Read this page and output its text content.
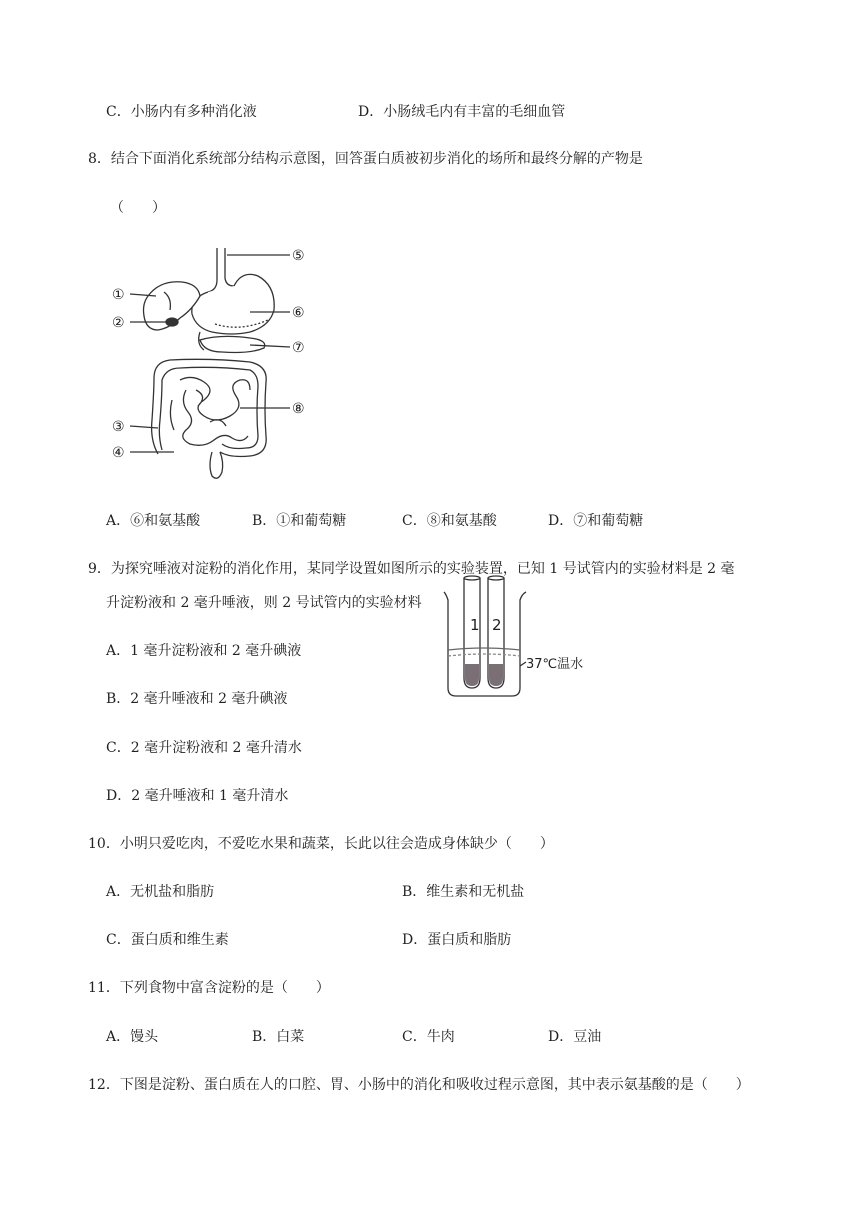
C．小肠内有多种消化液	D．小肠绒毛内有丰富的毛细血管
8．结合下面消化系统部分结构示意图，回答蛋白质被初步消化的场所和最终分解的产物是
（　　）
⑤
①
②
⑥
⑦
⑧
③
④
A．⑥和氨基酸	B．①和葡萄糖	C．⑧和氨基酸	D．⑦和葡萄糖
9．为探究唾液对淀粉的消化作用，某同学设置如图所示的实验装置，已知 1 号试管内的实验材料是 2 毫
升淀粉液和 2 毫升唾液，则 2 号试管内的实验材料
1 2
37℃温水
A．1 毫升淀粉液和 2 毫升碘液
B．2 毫升唾液和 2 毫升碘液
C．2 毫升淀粉液和 2 毫升清水
D．2 毫升唾液和 1 毫升清水
10．小明只爱吃肉，不爱吃水果和蔬菜，长此以往会造成身体缺少（　　）
A．无机盐和脂肪	B．维生素和无机盐
C．蛋白质和维生素	D．蛋白质和脂肪
11．下列食物中富含淀粉的是（　　）
A．馒头	B．白菜	C．牛肉	D．豆油
12．下图是淀粉、蛋白质在人的口腔、胃、小肠中的消化和吸收过程示意图，其中表示氨基酸的是（　　）
